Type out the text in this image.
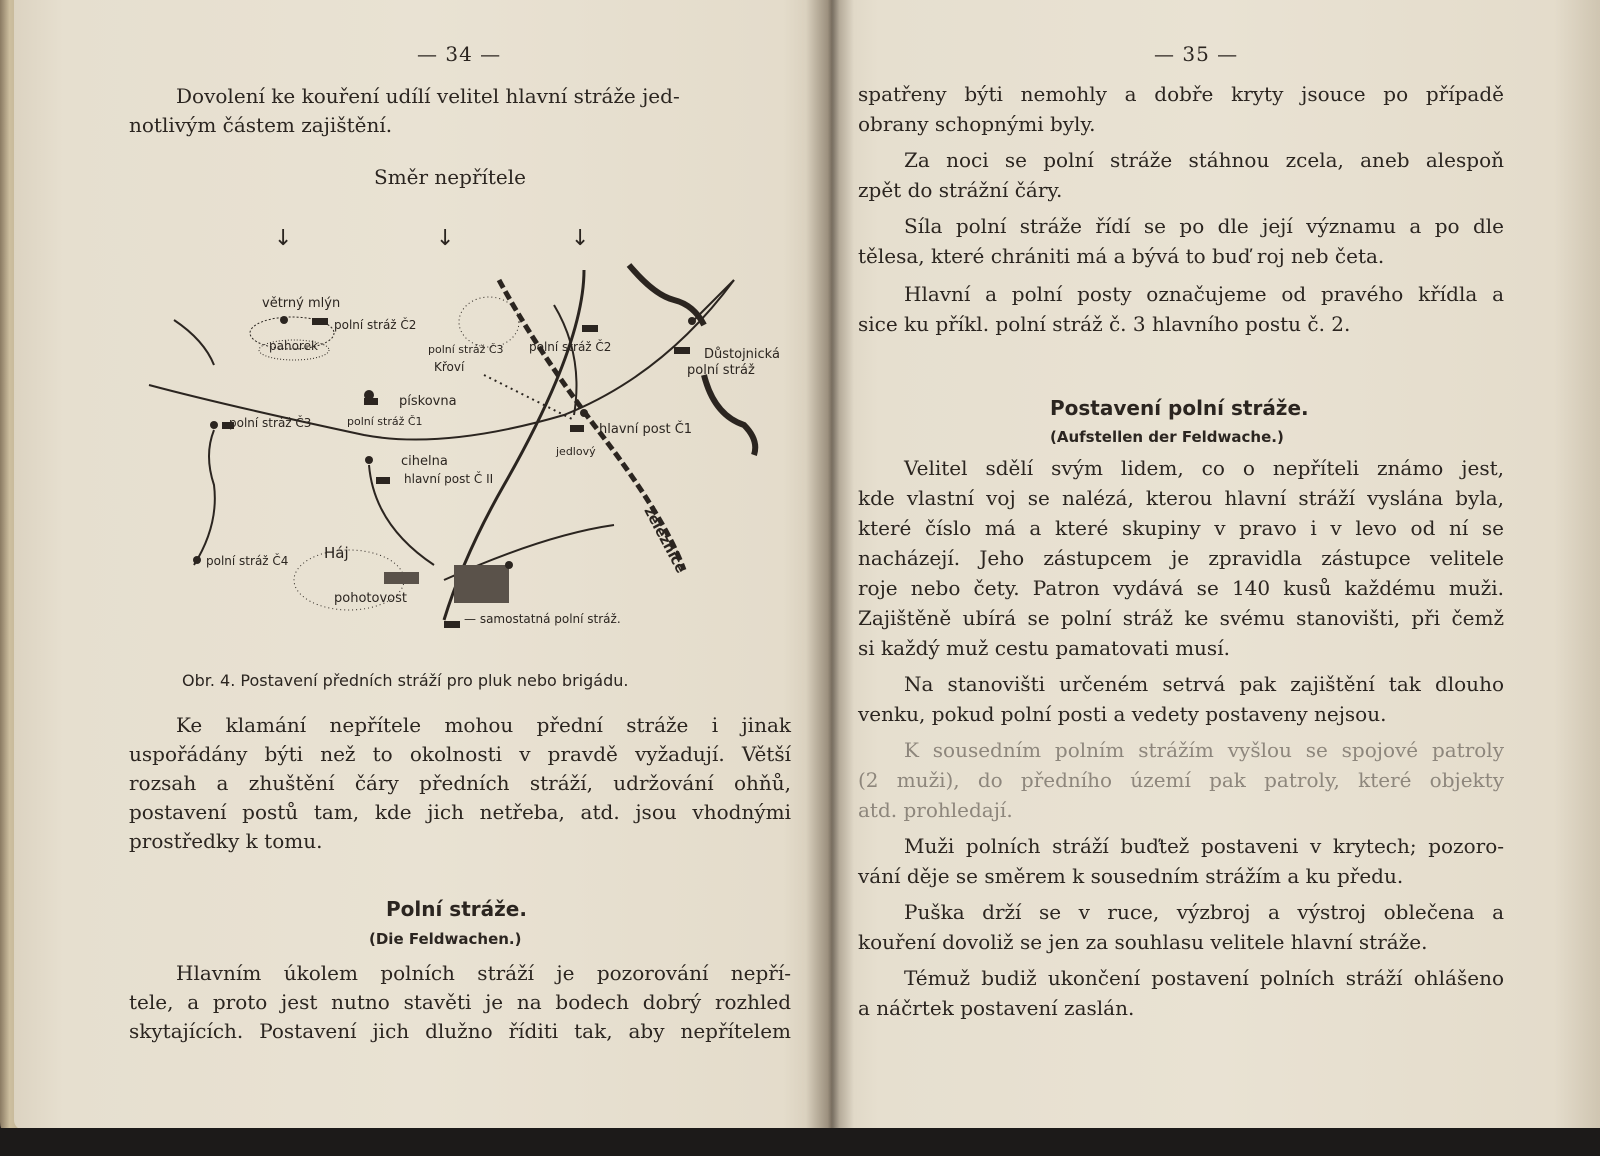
— 34 —
Dovolení ke kouření udílí velitel hlavní stráže jed-
notlivým částem zajištění.
Směr nepřítele
↓	↓	↓
větrný mlýn
pahorek
polní stráž Č2
polní stráž Č3
Křoví
polní stráž Č2	Důstojnická
polní stráž
pískovna
polní stráž Č1
polní stráž Č3	hlavní post Č1
jedlový
cihelna
hlavní post Č II
železnice
polní stráž Č4 Háj
pohotovost
— samostatná polní stráž.
Obr. 4. Postavení předních stráží pro pluk nebo brigádu.
Ke klamání nepřítele mohou přední stráže i jinak
uspořádány býti než to okolnosti v pravdě vyžadují. Větší
rozsah a zhuštění čáry předních stráží, udržování ohňů,
postavení postů tam, kde jich netřeba, atd. jsou vhodnými
prostředky k tomu.
Polní stráže.
(Die Feldwachen.)
Hlavním úkolem polních stráží je pozorování nepří-
tele, a proto jest nutno stavěti je na bodech dobrý rozhled
skytajících. Postavení jich dlužno říditi tak, aby nepřítelem
— 35 —
spatřeny býti nemohly a dobře kryty jsouce po případě
obrany schopnými byly.
Za noci se polní stráže stáhnou zcela, aneb alespoň
zpět do strážní čáry.
Síla polní stráže řídí se po dle její významu a po dle
tělesa, které chrániti má a bývá to buď roj neb četa.
Hlavní a polní posty označujeme od pravého křídla a
sice ku příkl. polní stráž č. 3 hlavního postu č. 2.
Postavení polní stráže.
(Aufstellen der Feldwache.)
Velitel sdělí svým lidem, co o nepříteli známo jest,
kde vlastní voj se nalézá, kterou hlavní stráží vyslána byla,
které číslo má a které skupiny v pravo i v levo od ní se
nacházejí. Jeho zástupcem je zpravidla zástupce velitele
roje nebo čety. Patron vydává se 140 kusů každému muži.
Zajištěně ubírá se polní stráž ke svému stanovišti, při čemž
si každý muž cestu pamatovati musí.
Na stanovišti určeném setrvá pak zajištění tak dlouho
venku, pokud polní posti a vedety postaveny nejsou.
K sousedním polním strážím vyšlou se spojové patroly
(2 muži), do předního území pak patroly, které objekty
atd. prohledají.
Muži polních stráží buďtež postaveni v krytech; pozoro-
vání děje se směrem k sousedním strážím a ku předu.
Puška drží se v ruce, výzbroj a výstroj oblečena a
kouření dovoliž se jen za souhlasu velitele hlavní stráže.
Témuž budiž ukončení postavení polních stráží ohlášeno
a náčrtek postavení zaslán.
